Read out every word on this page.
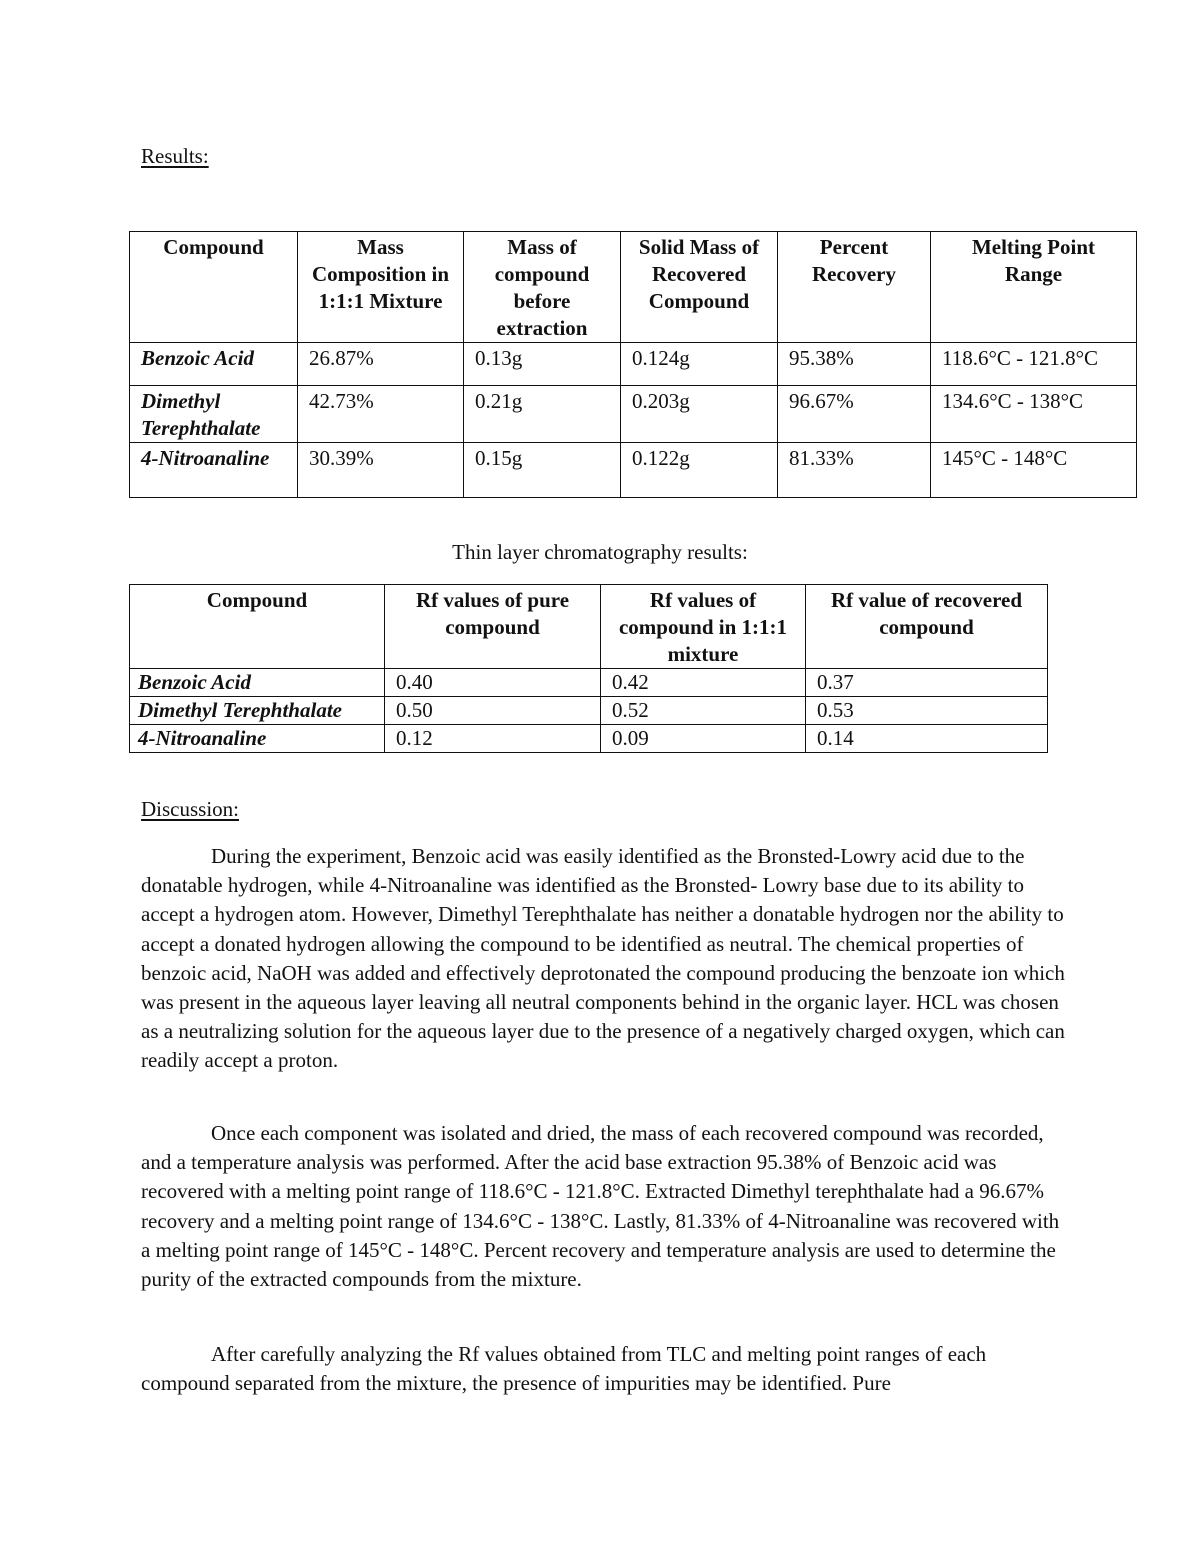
Results:
Compound	Mass Composition in 1:1:1 Mixture	Mass of compound before extraction	Solid Mass of Recovered Compound	Percent Recovery	Melting Point Range
Benzoic Acid	26.87%	0.13g	0.124g	95.38%	118.6°C - 121.8°C
Dimethyl Terephthalate	42.73%	0.21g	0.203g	96.67%	134.6°C - 138°C
4-Nitroanaline	30.39%	0.15g	0.122g	81.33%	145°C - 148°C
Thin layer chromatography results:
Compound	Rf values of pure compound	Rf values of compound in 1:1:1 mixture	Rf value of recovered compound
Benzoic Acid	0.40	0.42	0.37
Dimethyl Terephthalate	0.50	0.52	0.53
4-Nitroanaline	0.12	0.09	0.14
Discussion:

During the experiment, Benzoic acid was easily identified as the Bronsted-Lowry acid due to the donatable hydrogen, while 4-Nitroanaline was identified as the Bronsted- Lowry base due to its ability to accept a hydrogen atom. However, Dimethyl Terephthalate has neither a donatable hydrogen nor the ability to accept a donated hydrogen allowing the compound to be identified as neutral. The chemical properties of benzoic acid, NaOH was added and effectively deprotonated the compound producing the benzoate ion which was present in the aqueous layer leaving all neutral components behind in the organic layer. HCL was chosen as a neutralizing solution for the aqueous layer due to the presence of a negatively charged oxygen, which can readily accept a proton.

Once each component was isolated and dried, the mass of each recovered compound was recorded, and a temperature analysis was performed. After the acid base extraction 95.38% of Benzoic acid was recovered with a melting point range of 118.6°C - 121.8°C. Extracted Dimethyl terephthalate had a 96.67% recovery and a melting point range of 134.6°C - 138°C. Lastly, 81.33% of 4-Nitroanaline was recovered with a melting point range of 145°C - 148°C. Percent recovery and temperature analysis are used to determine the purity of the extracted compounds from the mixture.

After carefully analyzing the Rf values obtained from TLC and melting point ranges of each compound separated from the mixture, the presence of impurities may be identified. Pure
